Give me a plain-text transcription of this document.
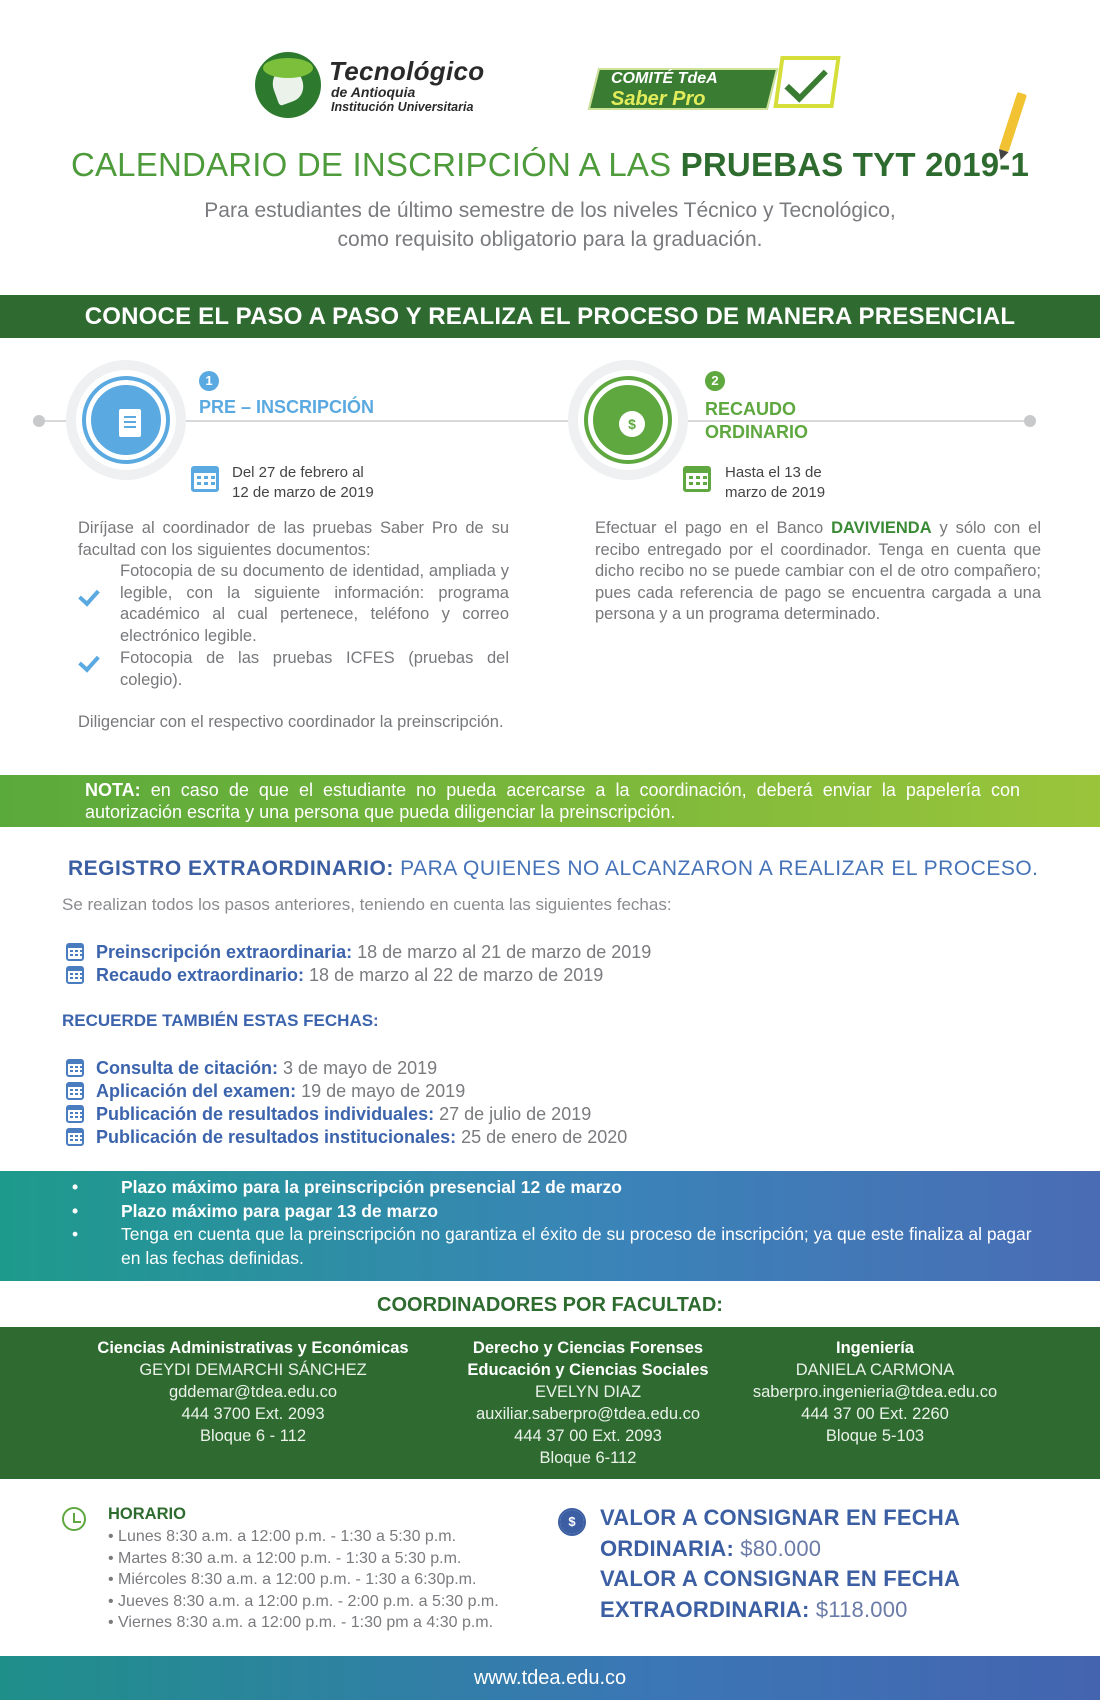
Tecnológico
de Antioquia
Institución Universitaria
COMITÉ TdeA
Saber Pro
CALENDARIO DE INSCRIPCIÓN A LAS PRUEBAS TYT 2019-1
Para estudiantes de último semestre de los niveles Técnico y Tecnológico,
como requisito obligatorio para la graduación.
CONOCE EL PASO A PASO Y REALIZA EL PROCESO DE MANERA PRESENCIAL
1
PRE – INSCRIPCIÓN
Del 27 de febrero al
12 de marzo de 2019
Diríjase al coordinador de las pruebas Saber Pro de su facultad con los siguientes documentos:
Fotocopia de su documento de identidad, ampliada y legible, con la siguiente información: programa académico al cual pertenece, teléfono y correo electrónico legible.
Fotocopia de las pruebas ICFES (pruebas del colegio).
Diligenciar con el respectivo coordinador la preinscripción.
$
2
RECAUDO
ORDINARIO
Hasta el 13 de
marzo de 2019
Efectuar el pago en el Banco DAVIVIENDA y sólo con el recibo entregado por el coordinador. Tenga en cuenta que dicho recibo no se puede cambiar con el de otro compañero; pues cada referencia de pago se encuentra cargada a una persona y a un programa determinado.
NOTA: en caso de que el estudiante no pueda acercarse a la coordinación, deberá enviar la papelería con autorización escrita y una persona que pueda diligenciar la preinscripción.
REGISTRO EXTRAORDINARIO: PARA QUIENES NO ALCANZARON A REALIZAR EL PROCESO.
Se realizan todos los pasos anteriores, teniendo en cuenta las siguientes fechas:
Preinscripción extraordinaria: 18 de marzo al 21 de marzo de 2019
Recaudo extraordinario: 18 de marzo al 22 de marzo de 2019
RECUERDE TAMBIÉN ESTAS FECHAS:
Consulta de citación: 3 de mayo de 2019
Aplicación del examen: 19 de mayo de 2019
Publicación de resultados individuales: 27 de julio de 2019
Publicación de resultados institucionales: 25 de enero de 2020
• Plazo máximo para la preinscripción presencial 12 de marzo
• Plazo máximo para pagar 13 de marzo
• Tenga en cuenta que la preinscripción no garantiza el éxito de su proceso de inscripción; ya que este finaliza al pagar en las fechas definidas.
COORDINADORES POR FACULTAD:
Ciencias Administrativas y Económicas
GEYDI DEMARCHI SÁNCHEZ
gddemar@tdea.edu.co
444 3700 Ext. 2093
Bloque 6 - 112
Derecho y Ciencias Forenses
Educación y Ciencias Sociales
EVELYN DIAZ
auxiliar.saberpro@tdea.edu.co
444 37 00 Ext. 2093
Bloque 6-112
Ingeniería
DANIELA CARMONA
saberpro.ingenieria@tdea.edu.co
444 37 00 Ext. 2260
Bloque 5-103
HORARIO
• Lunes 8:30 a.m. a 12:00 p.m. - 1:30 a 5:30 p.m.
• Martes 8:30 a.m. a 12:00 p.m. - 1:30 a 5:30 p.m.
• Miércoles 8:30 a.m. a 12:00 p.m. - 1:30 a 6:30p.m.
• Jueves 8:30 a.m. a 12:00 p.m. - 2:00 p.m. a 5:30 p.m.
• Viernes 8:30 a.m. a 12:00 p.m. - 1:30 pm a 4:30 p.m.
$
VALOR A CONSIGNAR EN FECHA
ORDINARIA: $80.000
VALOR A CONSIGNAR EN FECHA
EXTRAORDINARIA: $118.000
www.tdea.edu.co
